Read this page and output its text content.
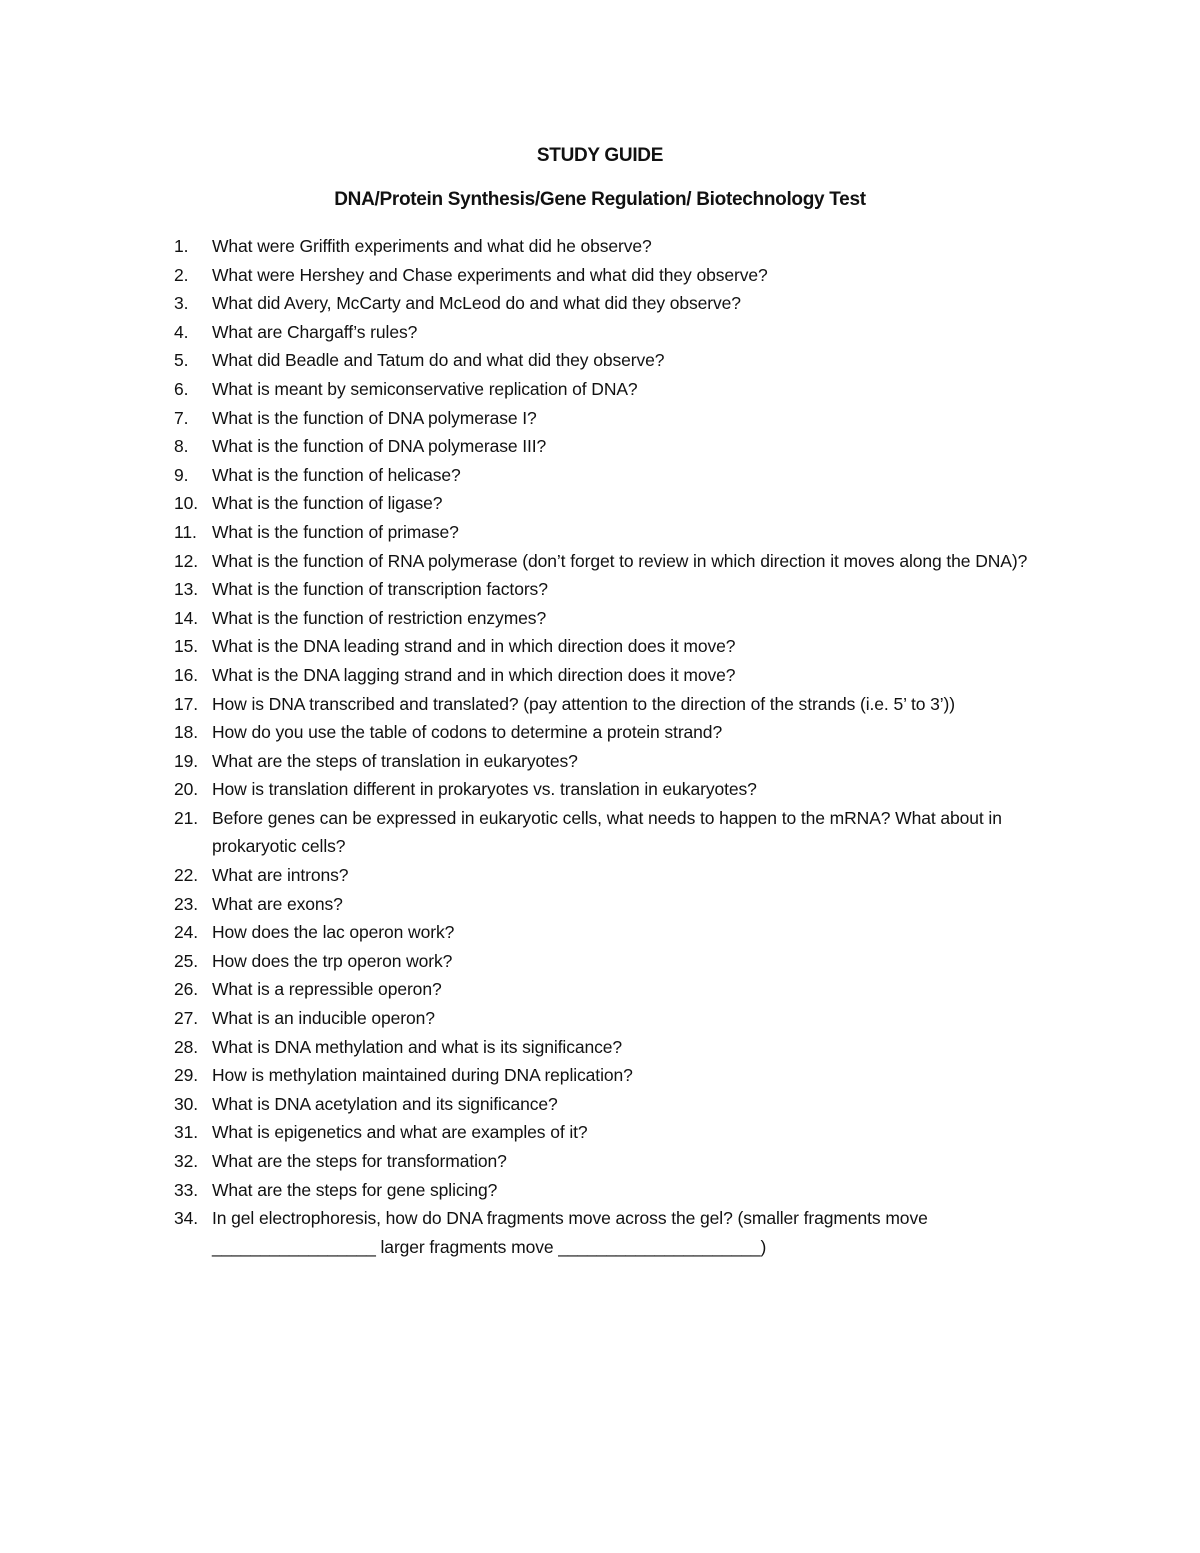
STUDY GUIDE
DNA/Protein Synthesis/Gene Regulation/ Biotechnology Test
1.	What were Griffith experiments and what did he observe?
2.	What were Hershey and Chase experiments and what did they observe?
3.	What did Avery, McCarty and McLeod do and what did they observe?
4.	What are Chargaff’s rules?
5.	What did Beadle and Tatum do and what did they observe?
6.	What is meant by semiconservative replication of DNA?
7.	What is the function of DNA polymerase I?
8.	What is the function of DNA polymerase III?
9.	What is the function of helicase?
10. What is the function of ligase?
11. What is the function of primase?
12. What is the function of RNA polymerase (don’t forget to review in which direction it moves along the DNA)?
13. What is the function of transcription factors?
14. What is the function of restriction enzymes?
15. What is the DNA leading strand and in which direction does it move?
16. What is the DNA lagging strand and in which direction does it move?
17. How is DNA transcribed and translated? (pay attention to the direction of the strands (i.e. 5’ to 3’))
18. How do you use the table of codons to determine a protein strand?
19. What are the steps of translation in eukaryotes?
20. How is translation different in prokaryotes vs. translation in eukaryotes?
21. Before genes can be expressed in eukaryotic cells, what needs to happen to the mRNA? What about in prokaryotic cells?
22. What are introns?
23. What are exons?
24. How does the lac operon work?
25. How does the trp operon work?
26. What is a repressible operon?
27. What is an inducible operon?
28. What is DNA methylation and what is its significance?
29. How is methylation maintained during DNA replication?
30. What is DNA acetylation and its significance?
31. What is epigenetics and what are examples of it?
32. What are the steps for transformation?
33. What are the steps for gene splicing?
34. In gel electrophoresis, how do DNA fragments move across the gel? (smaller fragments move _________________ larger fragments move _____________________)
